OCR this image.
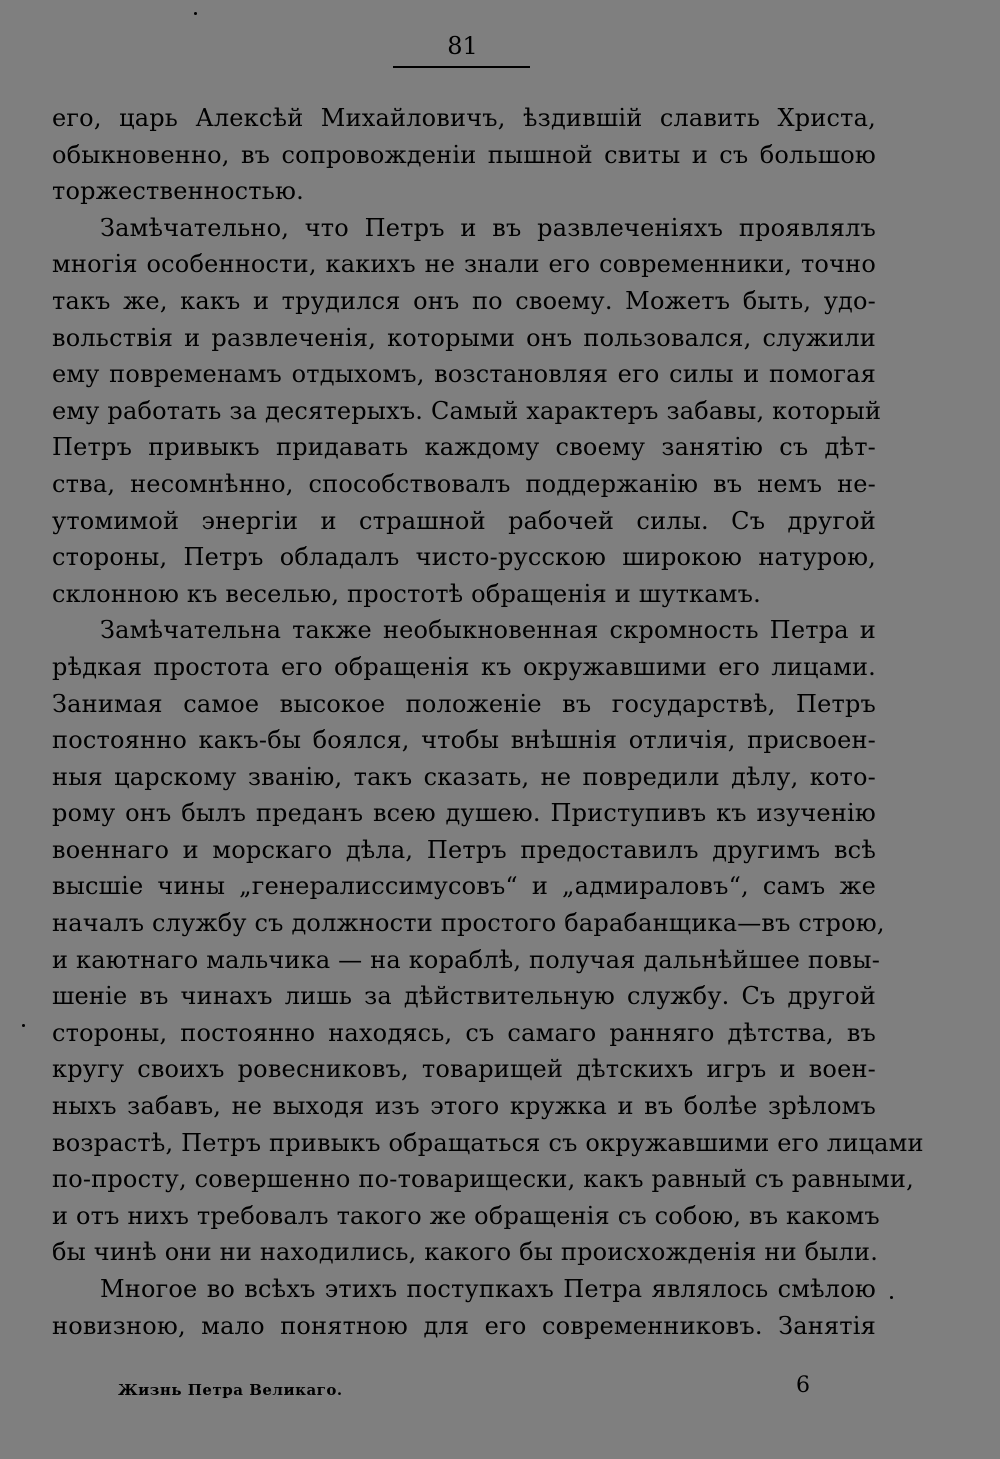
81

его, царь Алексѣй Михайловичъ, ѣздившій славить Христа,
обыкновенно, въ сопровожденіи пышной свиты и съ большою
торжественностью.

Замѣчательно, что Петръ и въ развлеченіяхъ проявлялъ
многія особенности, какихъ не знали его современники, точно
такъ же, какъ и трудился онъ по своему. Можетъ быть, удо-
вольствія и развлеченія, которыми онъ пользовался, служили
ему повременамъ отдыхомъ, возстановляя его силы и помогая
ему работать за десятерыхъ. Самый характеръ забавы, который
Петръ привыкъ придавать каждому своему занятію съ дѣт-
ства, несомнѣнно, способствовалъ поддержанію въ немъ не-
утомимой энергіи и страшной рабочей силы. Съ другой
стороны, Петръ обладалъ чисто-русскою широкою натурою,
склонною къ веселью, простотѣ обращенія и шуткамъ.

Замѣчательна также необыкновенная скромность Петра и
рѣдкая простота его обращенія къ окружавшими его лицами.
Занимая самое высокое положеніе въ государствѣ, Петръ
постоянно какъ-бы боялся, чтобы внѣшнія отличія, присвоен-
ныя царскому званію, такъ сказать, не повредили дѣлу, кото-
рому онъ былъ преданъ всею душею. Приступивъ къ изученію
военнаго и морскаго дѣла, Петръ предоставилъ другимъ всѣ
высшіе чины „генералиссимусовъ“ и „адмираловъ“, самъ же
началъ службу съ должности простого барабанщика—въ строю,
и каютнаго мальчика — на кораблѣ, получая дальнѣйшее повы-
шеніе въ чинахъ лишь за дѣйствительную службу. Съ другой
стороны, постоянно находясь, съ самаго ранняго дѣтства, въ
кругу своихъ ровесниковъ, товарищей дѣтскихъ игръ и воен-
ныхъ забавъ, не выходя изъ этого кружка и въ болѣе зрѣломъ
возрастѣ, Петръ привыкъ обращаться съ окружавшими его лицами
по-просту, совершенно по-товарищески, какъ равный съ равными,
и отъ нихъ требовалъ такого же обращенія съ собою, въ какомъ
бы чинѣ они ни находились, какого бы происхожденія ни были.

Многое во всѣхъ этихъ поступкахъ Петра являлось смѣлою
новизною, мало понятною для его современниковъ. Занятія

Жизнь Петра Великаго.	6
